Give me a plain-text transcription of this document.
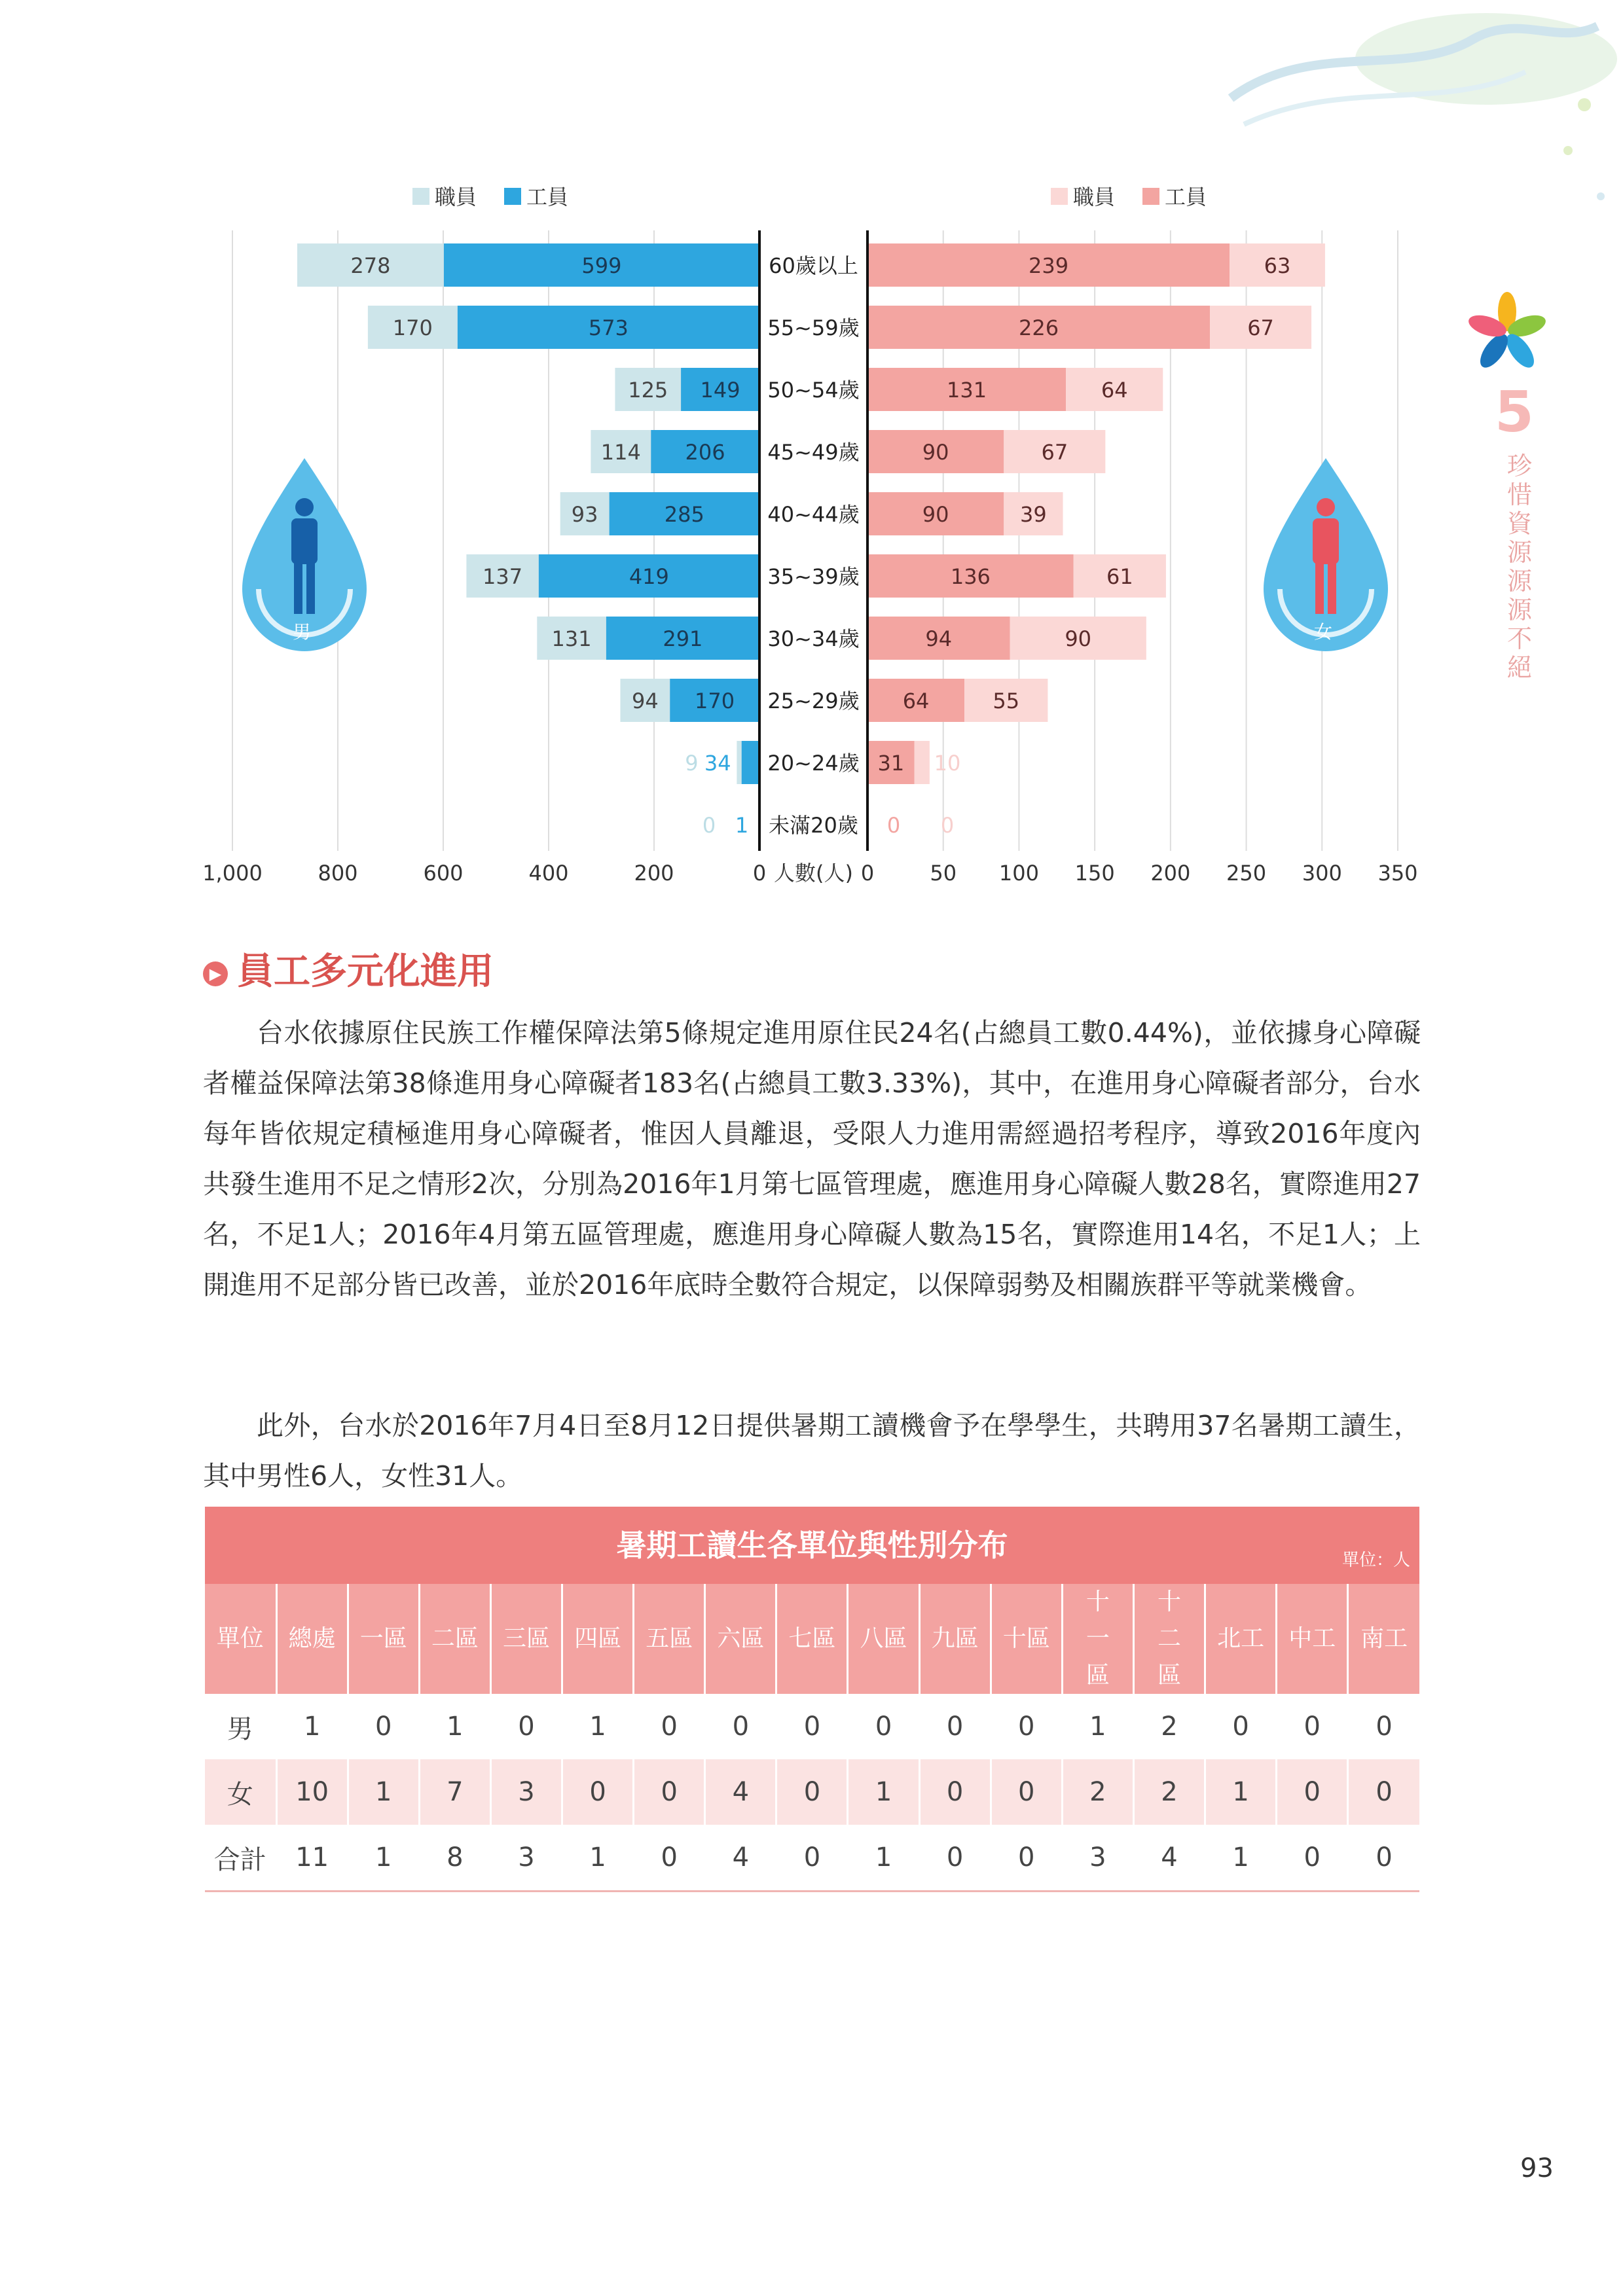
職員 工員	職員 工員
599
278	239	63
573
170	226	67
149
125	131	64
206
114	90	67
285
93	90	39
419
137	136	61
291
131	94	90
170
94	64	55
34
9	31 10
1
0	0 0
男	女
1,000	800	600	400	200	0	0	50 100 150 200 250 300 350
人數(人)
60歲以上
55~59歲
50~54歲
45~49歲
40~44歲
35~39歲
30~34歲
25~29歲
20~24歲
未滿20歲
5
珍惜資源 源源不絕
▶ 員工多元化進用

台水依據原住民族工作權保障法第5條規定進用原住民24名(占總員工數0.44%)，並依據身心障礙者權益保障法第38條進用身心障礙者183名(占總員工數3.33%)，其中，在進用身心障礙者部分，台水每年皆依規定積極進用身心障礙者，惟因人員離退，受限人力進用需經過招考程序，導致2016年度內共發生進用不足之情形2次，分別為2016年1月第七區管理處，應進用身心障礙人數28名，實際進用27名，不足1人；2016年4月第五區管理處，應進用身心障礙人數為15名，實際進用14名，不足1人；上開進用不足部分皆已改善，並於2016年底時全數符合規定，以保障弱勢及相關族群平等就業機會。

此外，台水於2016年7月4日至8月12日提供暑期工讀機會予在學學生，共聘用37名暑期工讀生，其中男性6人，女性31人。

暑期工讀生各單位與性別分布	單位：人
單位	總處	一區	二區	三區	四區	五區	六區	七區	八區	九區	十區	十一區	十二區	北工	中工	南工
男	1	0	1	0	1	0	0	0	0	0	0	1	2	0	0	0
女	10	1	7	3	0	0	4	0	1	0	0	2	2	1	0	0
合計	11	1	8	3	1	0	4	0	1	0	0	3	4	1	0	0
93
